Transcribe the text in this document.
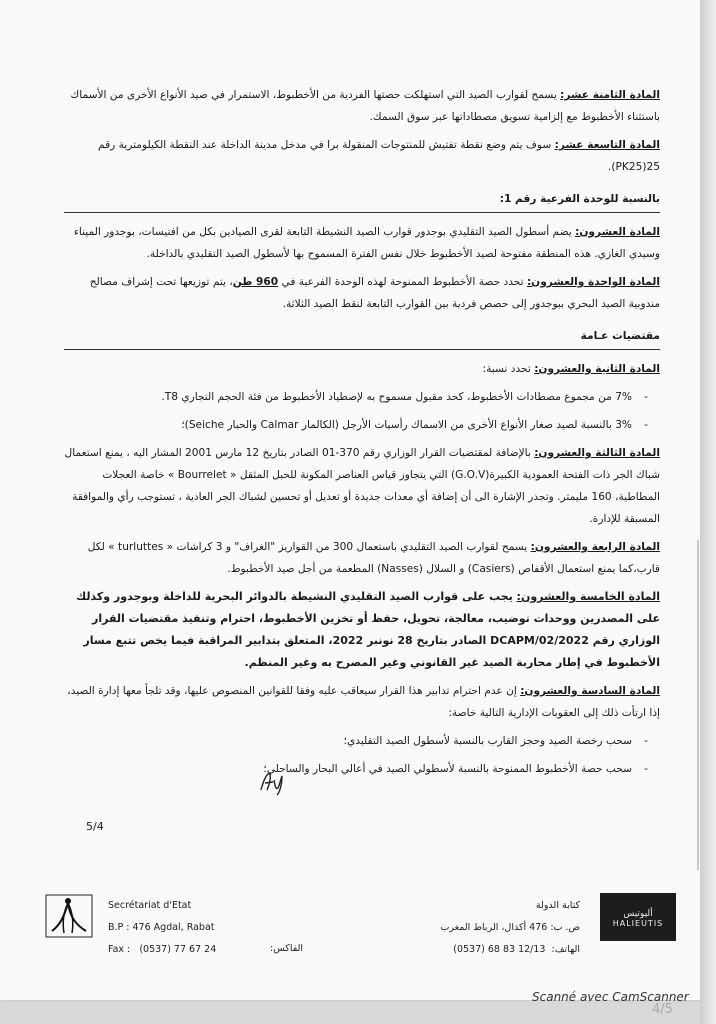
المادة الثامنة عشر: يسمح لقوارب الصيد التي استهلكت حصتها الفردية من الأخطبوط، الاستمرار في صيد الأنواع الأخرى من الأسماك باستثناء الأخطبوط مع إلزامية تسويق مصطاداتها عبر سوق السمك.

المادة التاسعة عشر: سوف يتم وضع نقطة تفتيش للمنتوجات المنقولة برا في مدخل مدينة الداخلة عند النقطة الكيلومترية رقم 25(PK25).

بالنسبة للوحدة الفرعية رقم 1:

المادة العشرون: يضم أسطول الصيد التقليدي بوجدور قوارب الصيد النشيطة التابعة لقرى الصيادين بكل من افتيسات، بوجدور الميناء وسيدي الغازي. هذه المنطقة مفتوحة لصيد الأخطبوط خلال نفس الفترة المسموح بها لأسطول الصيد التقليدي بالداخلة.

المادة الواحدة والعشرون: تحدد حصة الأخطبوط الممنوحة لهذه الوحدة الفرعية في 960 طن، يتم توزيعها تحت إشراف مصالح مندوبية الصيد البحري ببوجدور إلى حصص فردية بين القوارب التابعة لنقط الصيد الثلاثة.

مقتضيات عـامة

المادة الثانية والعشرون: تحدد نسبة:

- 7% من مجموع مصطادات الأخطبوط، كحد مقبول مسموح به لإصطياد الأخطبوط من فئة الحجم التجاري T8.

- 3% بالنسبة لصيد صغار الأنواع الأخرى من الاسماك رأسيات الأرجل (الكالمار Calmar والحبار Seiche)؛

المادة الثالثة والعشرون: بالإضافة لمقتضيات القرار الوزاري رقم 370-01 الصادر بتاريخ 12 مارس 2001 المشار اليه ، يمنع استعمال شباك الجر ذات الفتحة العمودية الكبيرة(G.O.V) التي يتجاوز قياس العناصر المكونة للحبل المثقل « Bourrelet » خاصة العجلات المطاطية، 160 مليمتر. وتجدر الإشارة الى أن إضافة أي معدات جديدة أو تعديل أو تحسين لشباك الجر العادية ، تستوجب رأي والموافقة المسبقة للإدارة.

المادة الرابعة والعشرون: يسمح لقوارب الصيد التقليدي باستعمال 300 من القواريز "الغراف" و 3 كراشات « turluttes » لكل قارب،كما يمنع استعمال الأقفاص (Casiers) و السلال (Nasses) المطعمة من أجل صيد الأخطبوط.

المادة الخامسة والعشرون: يجب على قوارب الصيد التقليدي النشيطة بالدوائر البحرية للداخلة وبوجدور وكذلك على المصدرين ووحدات توضيب، معالجة، تحويل، حفظ أو تخزين الأخطبوط، احترام وتنفيذ مقتضيات القرار الوزاري رقم 2022/DCAPM/02 الصادر بتاريخ 28 نونبر 2022، المتعلق بتدابير المراقبة فيما يخص تتبع مسار الأخطبوط في إطار محاربة الصيد غير القانوني وغير المصرح به وغير المنظم.

المادة السادسة والعشرون: إن عدم احترام تدابير هذا القرار سيعاقب عليه وفقا للقوانين المنصوص عليها، وقد تلجأ معها إدارة الصيد، إذا ارتأت ذلك إلى العقوبات الإدارية التالية خاصة:

- سحب رخصة الصيد وحجز القارب بالنسبة لأسطول الصيد التقليدي؛

- سحب حصة الأخطبوط الممنوحة بالنسبة لأسطولي الصيد في أعالي البحار والساحلي؛

5/4
Secrétariat d'Etat
B.P : 476 Agdal, Rabat
Fax : (0537) 77 67 24	الفاكس:
كتابة الدولة
ص. ب: 476 أكدال، الرباط المغرب
الهاتف:  (0537) 68 83 12/13
أليوتيس
HALIEUTIS
Scanné avec CamScanner
4/5
